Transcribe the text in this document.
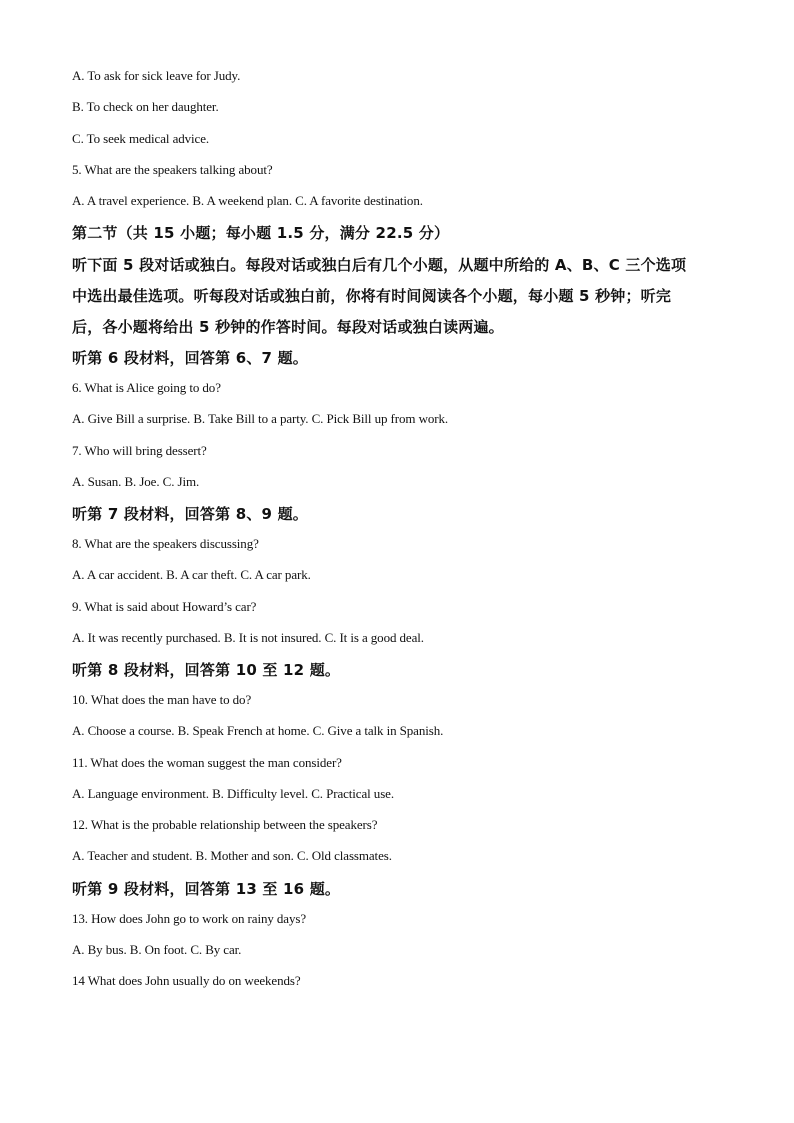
A. To ask for sick leave for Judy.

B. To check on her daughter.

C. To seek medical advice.

5. What are the speakers talking about?

A. A travel experience. B. A weekend plan. C. A favorite destination.

第二节（共 15 小题；每小题 1.5 分，满分 22.5 分）

听下面 5 段对话或独白。每段对话或独白后有几个小题，从题中所给的 A、B、C 三个选项

中选出最佳选项。听每段对话或独白前，你将有时间阅读各个小题，每小题 5 秒钟；听完

后，各小题将给出 5 秒钟的作答时间。每段对话或独白读两遍。

听第 6 段材料，回答第 6、7 题。

6. What is Alice going to do?

A. Give Bill a surprise. B. Take Bill to a party. C. Pick Bill up from work.

7. Who will bring dessert?

A. Susan. B. Joe. C. Jim.

听第 7 段材料，回答第 8、9 题。

8. What are the speakers discussing?

A. A car accident. B. A car theft. C. A car park.

9. What is said about Howard’s car?

A. It was recently purchased. B. It is not insured. C. It is a good deal.

听第 8 段材料，回答第 10 至 12 题。

10. What does the man have to do?

A. Choose a course. B. Speak French at home. C. Give a talk in Spanish.

11. What does the woman suggest the man consider?

A. Language environment. B. Difficulty level. C. Practical use.

12. What is the probable relationship between the speakers?

A. Teacher and student. B. Mother and son. C. Old classmates.

听第 9 段材料，回答第 13 至 16 题。

13. How does John go to work on rainy days?

A. By bus. B. On foot. C. By car.

14 What does John usually do on weekends?
